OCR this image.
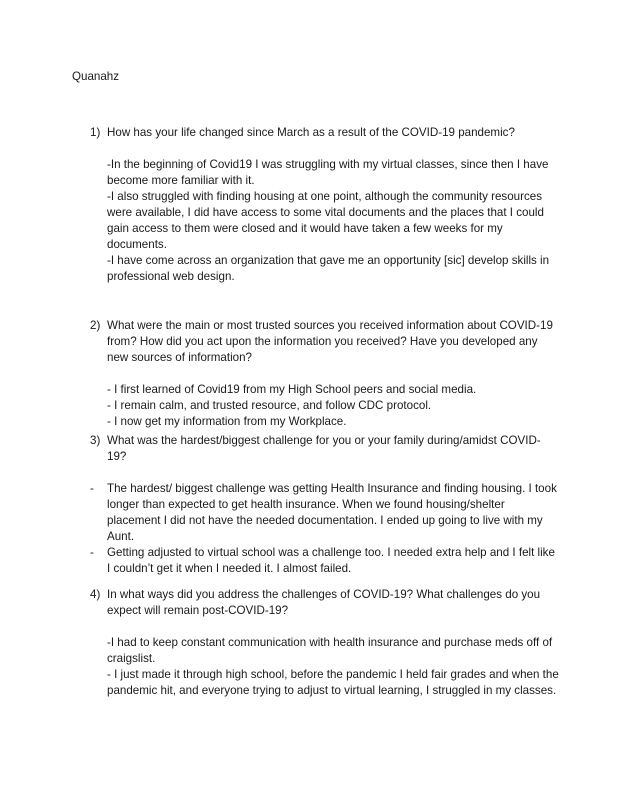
Quanahz
1) How has your life changed since March as a result of the COVID-19 pandemic?

-In the beginning of Covid19 I was struggling with my virtual classes, since then I have become more familiar with it.

-I also struggled with finding housing at one point, although the community resources were available, I did have access to some vital documents and the places that I could gain access to them were closed and it would have taken a few weeks for my documents.

-I have come across an organization that gave me an opportunity [sic] develop skills in professional web design.

2) What were the main or most trusted sources you received information about COVID-19 from? How did you act upon the information you received? Have you developed any new sources of information?

- I first learned of Covid19 from my High School peers and social media.

- I remain calm, and trusted resource, and follow CDC protocol.

- I now get my information from my Workplace.

3) What was the hardest/biggest challenge for you or your family during/amidst COVID-19?
- The hardest/ biggest challenge was getting Health Insurance and finding housing. I took longer than expected to get health insurance. When we found housing/shelter placement I did not have the needed documentation. I ended up going to live with my Aunt.
- Getting adjusted to virtual school was a challenge too. I needed extra help and I felt like I couldn’t get it when I needed it. I almost failed.
4) In what ways did you address the challenges of COVID-19? What challenges do you expect will remain post-COVID-19?

-I had to keep constant communication with health insurance and purchase meds off of craigslist.

- I just made it through high school, before the pandemic I held fair grades and when the pandemic hit, and everyone trying to adjust to virtual learning, I struggled in my classes.
